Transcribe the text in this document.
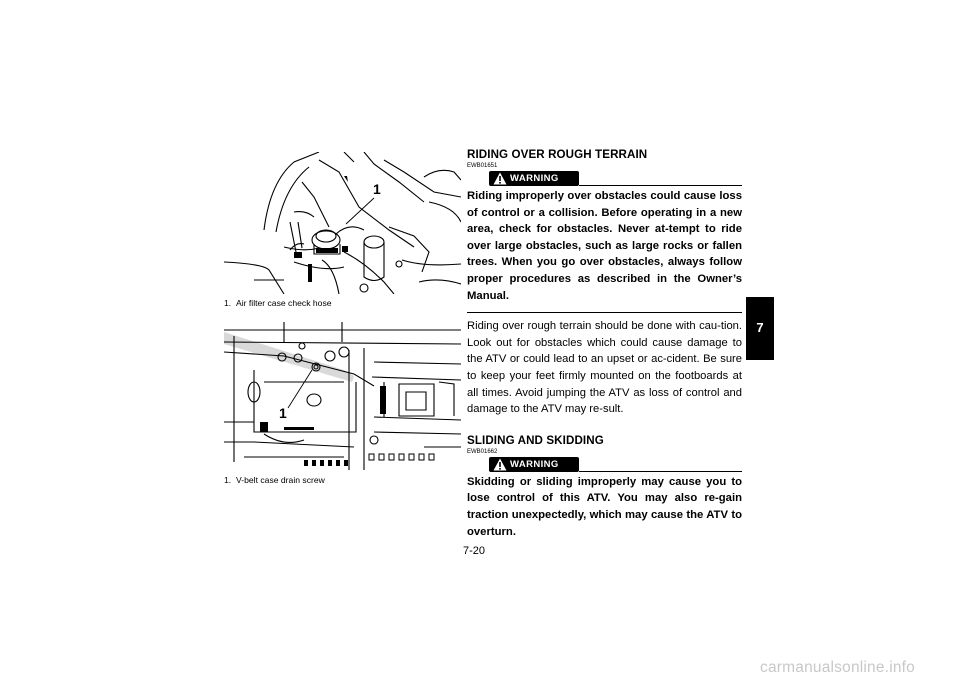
1
1. Air filter case check hose
1
1. V-belt case drain screw
RIDING OVER ROUGH TERRAIN
EWB01651
WARNING
Riding improperly over obstacles could cause loss of control or a collision. Before operating in a new area, check for obstacles. Never at-tempt to ride over large obstacles, such as large rocks or fallen trees. When you go over obstacles, always follow proper procedures as described in the Owner’s Manual.
Riding over rough terrain should be done with cau-tion. Look out for obstacles which could cause damage to the ATV or could lead to an upset or ac-cident. Be sure to keep your feet firmly mounted on the footboards at all times. Avoid jumping the ATV as loss of control and damage to the ATV may re-sult.
SLIDING AND SKIDDING
EWB01662
WARNING
Skidding or sliding improperly may cause you to lose control of this ATV. You may also re-gain traction unexpectedly, which may cause the ATV to overturn.
7
7-20
carmanualsonline.info
